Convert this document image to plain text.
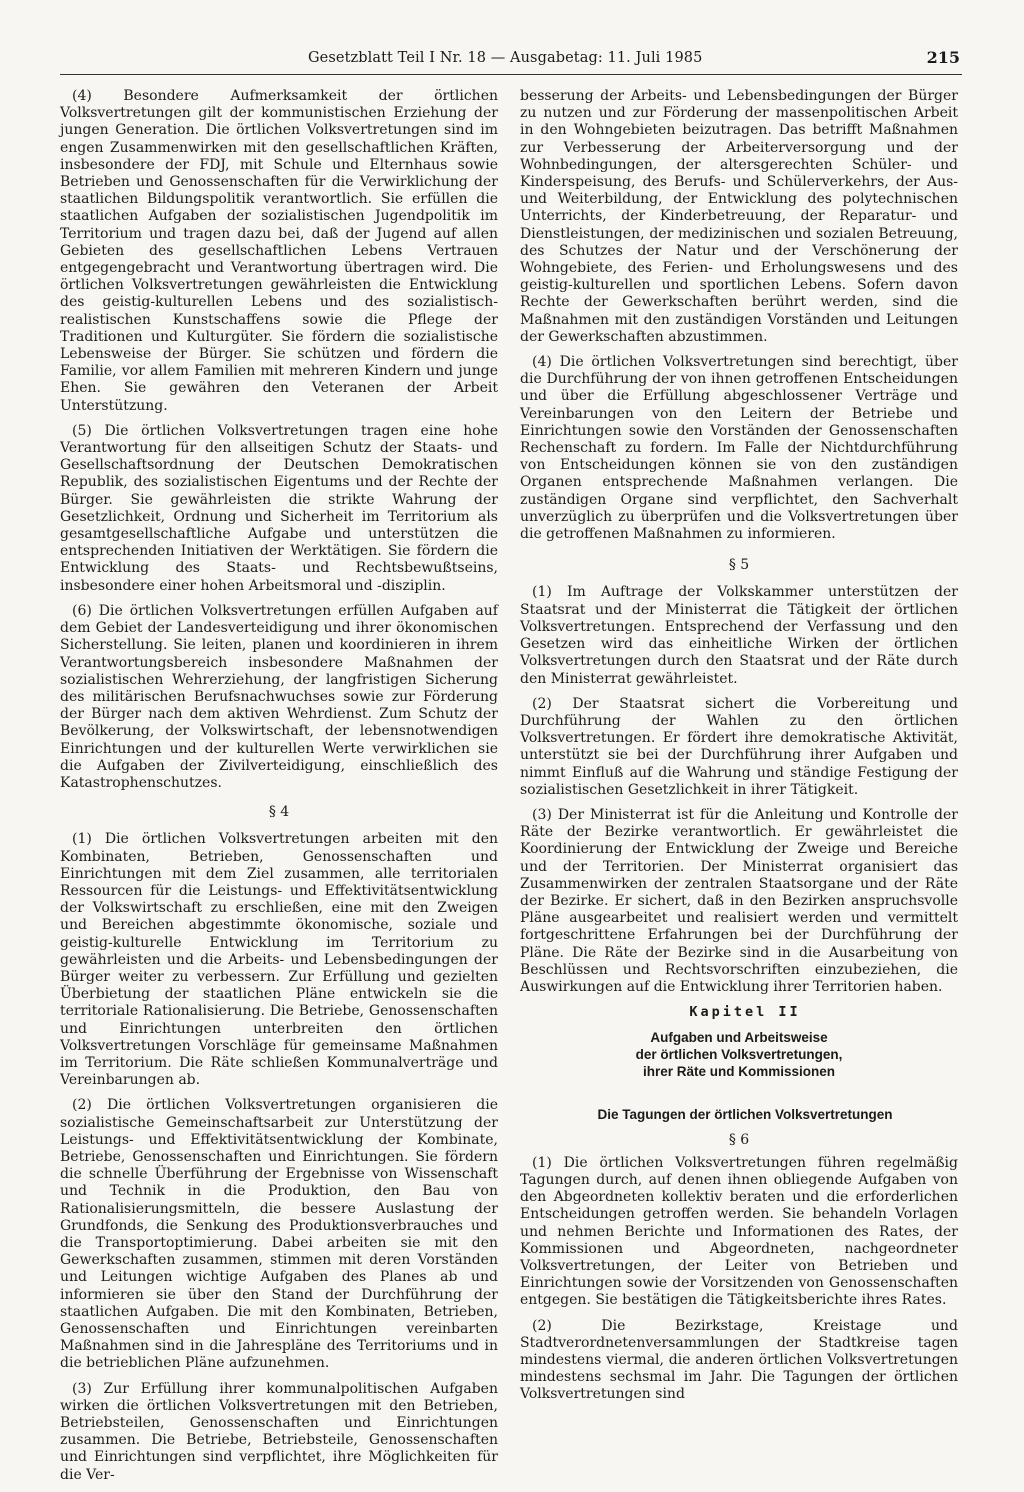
Gesetzblatt Teil I Nr. 18 — Ausgabetag: 11. Juli 1985	215

(4) Besondere Aufmerksamkeit der örtlichen Volksvertretungen gilt der kommunistischen Erziehung der jungen Generation. Die örtlichen Volksvertretungen sind im engen Zusammenwirken mit den gesellschaftlichen Kräften, insbesondere der FDJ, mit Schule und Elternhaus sowie Betrieben und Genossenschaften für die Verwirklichung der staatlichen Bildungspolitik verantwortlich. Sie erfüllen die staatlichen Aufgaben der sozialistischen Jugendpolitik im Territorium und tragen dazu bei, daß der Jugend auf allen Gebieten des gesellschaftlichen Lebens Vertrauen entgegengebracht und Verantwortung übertragen wird. Die örtlichen Volksvertretungen gewährleisten die Entwicklung des geistig-kulturellen Lebens und des sozialistisch-realistischen Kunstschaffens sowie die Pflege der Traditionen und Kulturgüter. Sie fördern die sozialistische Lebensweise der Bürger. Sie schützen und fördern die Familie, vor allem Familien mit mehreren Kindern und junge Ehen. Sie gewähren den Veteranen der Arbeit Unterstützung.

(5) Die örtlichen Volksvertretungen tragen eine hohe Verantwortung für den allseitigen Schutz der Staats- und Gesellschaftsordnung der Deutschen Demokratischen Republik, des sozialistischen Eigentums und der Rechte der Bürger. Sie gewährleisten die strikte Wahrung der Gesetzlichkeit, Ordnung und Sicherheit im Territorium als gesamtgesellschaftliche Aufgabe und unterstützen die entsprechenden Initiativen der Werktätigen. Sie fördern die Entwicklung des Staats- und Rechtsbewußtseins, insbesondere einer hohen Arbeitsmoral und -disziplin.

(6) Die örtlichen Volksvertretungen erfüllen Aufgaben auf dem Gebiet der Landesverteidigung und ihrer ökonomischen Sicherstellung. Sie leiten, planen und koordinieren in ihrem Verantwortungsbereich insbesondere Maßnahmen der sozialistischen Wehrerziehung, der langfristigen Sicherung des militärischen Berufsnachwuchses sowie zur Förderung der Bürger nach dem aktiven Wehrdienst. Zum Schutz der Bevölkerung, der Volkswirtschaft, der lebensnotwendigen Einrichtungen und der kulturellen Werte verwirklichen sie die Aufgaben der Zivilverteidigung, einschließlich des Katastrophenschutzes.

§ 4

(1) Die örtlichen Volksvertretungen arbeiten mit den Kombinaten, Betrieben, Genossenschaften und Einrichtungen mit dem Ziel zusammen, alle territorialen Ressourcen für die Leistungs- und Effektivitätsentwicklung der Volkswirtschaft zu erschließen, eine mit den Zweigen und Bereichen abgestimmte ökonomische, soziale und geistig-kulturelle Entwicklung im Territorium zu gewährleisten und die Arbeits- und Lebensbedingungen der Bürger weiter zu verbessern. Zur Erfüllung und gezielten Überbietung der staatlichen Pläne entwickeln sie die territoriale Rationalisierung. Die Betriebe, Genossenschaften und Einrichtungen unterbreiten den örtlichen Volksvertretungen Vorschläge für gemeinsame Maßnahmen im Territorium. Die Räte schließen Kommunalverträge und Vereinbarungen ab.

(2) Die örtlichen Volksvertretungen organisieren die sozialistische Gemeinschaftsarbeit zur Unterstützung der Leistungs- und Effektivitätsentwicklung der Kombinate, Betriebe, Genossenschaften und Einrichtungen. Sie fördern die schnelle Überführung der Ergebnisse von Wissenschaft und Technik in die Produktion, den Bau von Rationalisierungsmitteln, die bessere Auslastung der Grundfonds, die Senkung des Produktionsverbrauches und die Transportoptimierung. Dabei arbeiten sie mit den Gewerkschaften zusammen, stimmen mit deren Vorständen und Leitungen wichtige Aufgaben des Planes ab und informieren sie über den Stand der Durchführung der staatlichen Aufgaben. Die mit den Kombinaten, Betrieben, Genossenschaften und Einrichtungen vereinbarten Maßnahmen sind in die Jahrespläne des Territoriums und in die betrieblichen Pläne aufzunehmen.

(3) Zur Erfüllung ihrer kommunalpolitischen Aufgaben wirken die örtlichen Volksvertretungen mit den Betrieben, Betriebsteilen, Genossenschaften und Einrichtungen zusammen. Die Betriebe, Betriebsteile, Genossenschaften und Einrichtungen sind verpflichtet, ihre Möglichkeiten für die Ver-

besserung der Arbeits- und Lebensbedingungen der Bürger zu nutzen und zur Förderung der massenpolitischen Arbeit in den Wohngebieten beizutragen. Das betrifft Maßnahmen zur Verbesserung der Arbeiterversorgung und der Wohnbedingungen, der altersgerechten Schüler- und Kinderspeisung, des Berufs- und Schülerverkehrs, der Aus- und Weiterbildung, der Entwicklung des polytechnischen Unterrichts, der Kinderbetreuung, der Reparatur- und Dienstleistungen, der medizinischen und sozialen Betreuung, des Schutzes der Natur und der Verschönerung der Wohngebiete, des Ferien- und Erholungswesens und des geistig-kulturellen und sportlichen Lebens. Sofern davon Rechte der Gewerkschaften berührt werden, sind die Maßnahmen mit den zuständigen Vorständen und Leitungen der Gewerkschaften abzustimmen.

(4) Die örtlichen Volksvertretungen sind berechtigt, über die Durchführung der von ihnen getroffenen Entscheidungen und über die Erfüllung abgeschlossener Verträge und Vereinbarungen von den Leitern der Betriebe und Einrichtungen sowie den Vorständen der Genossenschaften Rechenschaft zu fordern. Im Falle der Nichtdurchführung von Entscheidungen können sie von den zuständigen Organen entsprechende Maßnahmen verlangen. Die zuständigen Organe sind verpflichtet, den Sachverhalt unverzüglich zu überprüfen und die Volksvertretungen über die getroffenen Maßnahmen zu informieren.

§ 5

(1) Im Auftrage der Volkskammer unterstützen der Staatsrat und der Ministerrat die Tätigkeit der örtlichen Volksvertretungen. Entsprechend der Verfassung und den Gesetzen wird das einheitliche Wirken der örtlichen Volksvertretungen durch den Staatsrat und der Räte durch den Ministerrat gewährleistet.

(2) Der Staatsrat sichert die Vorbereitung und Durchführung der Wahlen zu den örtlichen Volksvertretungen. Er fördert ihre demokratische Aktivität, unterstützt sie bei der Durchführung ihrer Aufgaben und nimmt Einfluß auf die Wahrung und ständige Festigung der sozialistischen Gesetzlichkeit in ihrer Tätigkeit.

(3) Der Ministerrat ist für die Anleitung und Kontrolle der Räte der Bezirke verantwortlich. Er gewährleistet die Koordinierung der Entwicklung der Zweige und Bereiche und der Territorien. Der Ministerrat organisiert das Zusammenwirken der zentralen Staatsorgane und der Räte der Bezirke. Er sichert, daß in den Bezirken anspruchsvolle Pläne ausgearbeitet und realisiert werden und vermittelt fortgeschrittene Erfahrungen bei der Durchführung der Pläne. Die Räte der Bezirke sind in die Ausarbeitung von Beschlüssen und Rechtsvorschriften einzubeziehen, die Auswirkungen auf die Entwicklung ihrer Territorien haben.

Kapitel II

Aufgaben und Arbeitsweise
der örtlichen Volksvertretungen,
ihrer Räte und Kommissionen

Die Tagungen der örtlichen Volksvertretungen

§ 6

(1) Die örtlichen Volksvertretungen führen regelmäßig Tagungen durch, auf denen ihnen obliegende Aufgaben von den Abgeordneten kollektiv beraten und die erforderlichen Entscheidungen getroffen werden. Sie behandeln Vorlagen und nehmen Berichte und Informationen des Rates, der Kommissionen und Abgeordneten, nachgeordneter Volksvertretungen, der Leiter von Betrieben und Einrichtungen sowie der Vorsitzenden von Genossenschaften entgegen. Sie bestätigen die Tätigkeitsberichte ihres Rates.

(2) Die Bezirkstage, Kreistage und Stadtverordnetenversammlungen der Stadtkreise tagen mindestens viermal, die anderen örtlichen Volksvertretungen mindestens sechsmal im Jahr. Die Tagungen der örtlichen Volksvertretungen sind
